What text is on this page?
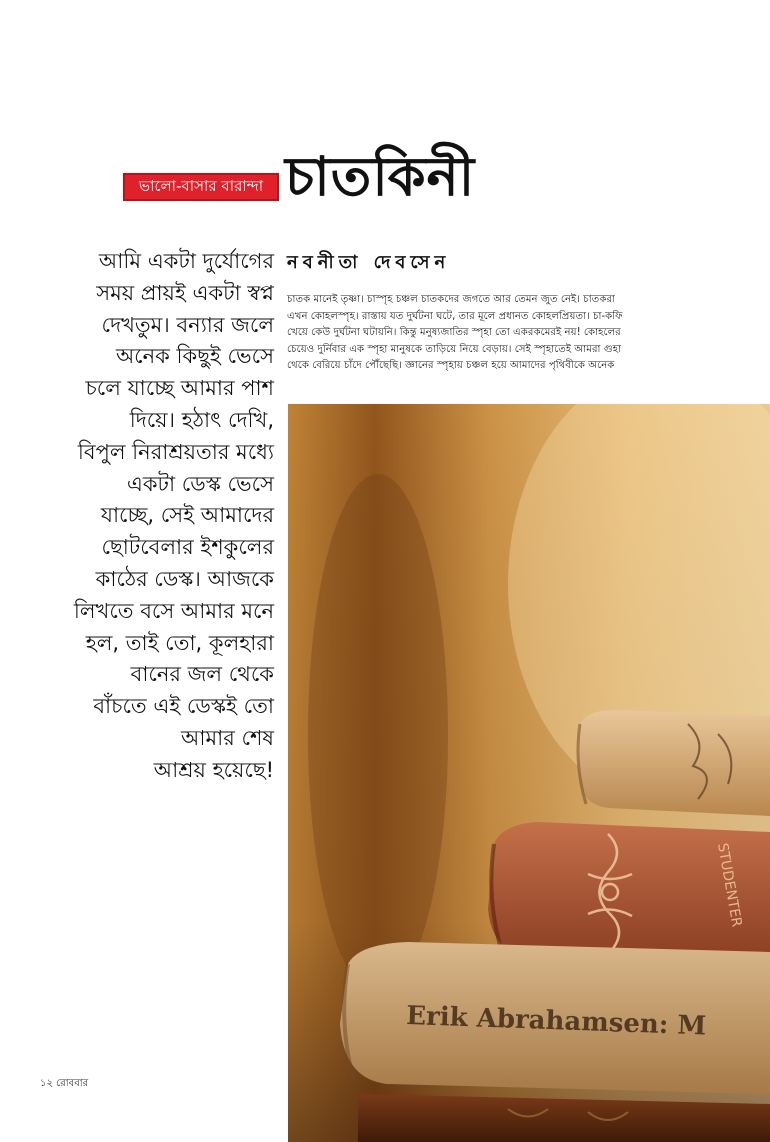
ভালো-বাসার বারান্দা চাতকিনী
আমি একটা দুর্যোগের
সময় প্রায়ই একটা স্বপ্ন
দেখতুম। বন্যার জলে
অনেক কিছুই ভেসে
চলে যাচ্ছে আমার পাশ
দিয়ে। হঠাৎ দেখি,
বিপুল নিরাশ্রয়তার মধ্যে
একটা ডেস্ক ভেসে
যাচ্ছে, সেই আমাদের
ছোটবেলার ইশকুলের
কাঠের ডেস্ক। আজকে
লিখতে বসে আমার মনে
হল, তাই তো, কূলহারা
বানের জল থেকে
বাঁচতে এই ডেস্কই তো
আমার শেষ
আশ্রয় হয়েছে!
নবনীতা দেবসেন
চাতক মানেই তৃষ্ণা। চাস্পৃহ চঞ্চল চাতকদের জগতে আর তেমন জুত নেই। চাতকরা
এখন কোহলস্পৃহ। রাস্তায় যত দুর্ঘটনা ঘটে, তার মূলে প্রধানত কোহলপ্রিয়তা। চা-কফি
খেয়ে কেউ দুর্ঘটনা ঘটায়নি। কিন্তু মনুষ্যজাতির স্পৃহা তো একরকমেরই নয়! কোহলের
চেয়েও দুর্নিবার এক স্পৃহা মানুষকে তাড়িয়ে নিয়ে বেড়ায়। সেই স্পৃহাতেই আমরা গুহা
থেকে বেরিয়ে চাঁদে পৌঁছেছি। জ্ঞানের স্পৃহায় চঞ্চল হয়ে আমাদের পৃথিবীকে অনেক
STUDENTER
Erik Abrahamsen: M
১২ রোববার
